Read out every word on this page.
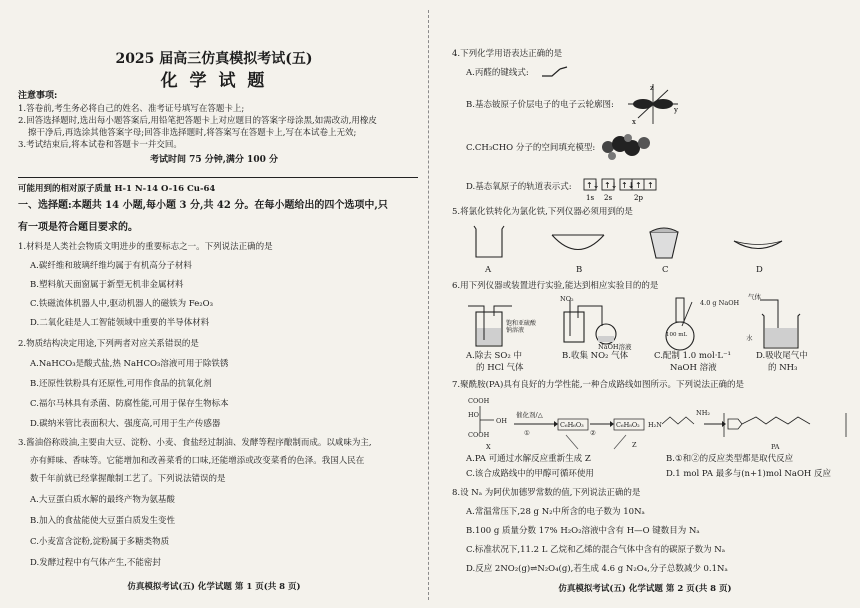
2025 届高三仿真模拟考试(五)
化 学 试 题
注意事项:
1.答卷前,考生务必将自己的姓名、准考证号填写在答题卡上;
2.回答选择题时,选出每小题答案后,用铅笔把答题卡上对应题目的答案字母涂黑,如需改动,用橡皮
擦干净后,再选涂其他答案字母;回答非选择题时,将答案写在答题卡上,写在本试卷上无效;
3.考试结束后,将本试卷和答题卡一并交回。
考试时间 75 分钟,满分 100 分
可能用到的相对原子质量 H-1 N-14 O-16 Cu-64
一、选择题:本题共 14 小题,每小题 3 分,共 42 分。在每小题给出的四个选项中,只
有一项是符合题目要求的。
1.材料是人类社会物质文明进步的重要标志之一。下列说法正确的是
A.碳纤维和玻璃纤维均属于有机高分子材料
B.塑料航天面窗属于新型无机非金属材料
C.铁磁流体机器人中,驱动机器人的磁铁为 Fe₂O₃
D.二氧化硅是人工智能领域中重要的半导体材料
2.物质结构决定用途,下列两者对应关系错误的是
A.NaHCO₃是酸式盐,热 NaHCO₃溶液可用于除铁锈
B.还原性铁粉具有还原性,可用作食品的抗氧化剂
C.福尔马林具有杀菌、防腐性能,可用于保存生物标本
D.碳纳米管比表面积大、强度高,可用于生产传感器
3.酱油俗称豉油,主要由大豆、淀粉、小麦、食盐经过制油、发酵等程序酿制而成。以咸味为主,
亦有鲜味、香味等。它能增加和改善菜肴的口味,还能增添或改变菜肴的色泽。我国人民在
数千年前就已经掌握酿制工艺了。下列说法错误的是
A.大豆蛋白质水解的最终产物为氨基酸
B.加入的食盐能使大豆蛋白质发生变性
C.小麦富含淀粉,淀粉属于多糖类物质
D.发酵过程中有气体产生,不能密封
仿真模拟考试(五) 化学试题 第 1 页(共 8 页)
4.下列化学用语表达正确的是
A.丙醛的键线式:
B.基态铍原子价层电子的电子云轮廓图:
z
y
x
C.CH₃CHO 分子的空间填充模型:
D.基态氧原子的轨道表示式: ↑↓ ↑↓ ↑↓ ↑ ↑
1s 2s	2p
5.将氯化铁转化为氯化铁,下列仪器必须用到的是
A	B	C	D
6.用下列仪器或装置进行实验,能达到相应实验目的的是
饱和亚硫酸钠溶液
NO₂
NaOH溶液
4.0 g NaOH
100 mL
气体
水
A.除去 SO₂ 中
的 HCl 气体
B.收集 NO₂ 气体	C.配制 1.0 mol·L⁻¹
NaOH 溶液
D.吸收尾气中
的 NH₃
7.聚酰胺(PA)具有良好的力学性能,一种合成路线如图所示。下列说法正确的是
COOH
HO
OH
COOH
X
催化剂/△
①
C₆H₆O₃
②
C₆H₈O₂
Z	PA
H₂N
NH₂
A.PA 可通过水解反应重新生成 Z	B.①和②的反应类型都是取代反应
C.该合成路线中的甲醇可循环使用	D.1 mol PA 最多与(n+1)mol NaOH 反应
8.设 Nₐ 为阿伏加德罗常数的值,下列说法正确的是
A.常温常压下,28 g N₂中所含的电子数为 10Nₐ
B.100 g 质量分数 17% H₂O₂溶液中含有 H—O 键数目为 Nₐ
C.标准状况下,11.2 L 乙烷和乙烯的混合气体中含有的碳原子数为 Nₐ
D.反应 2NO₂(g)⇌N₂O₄(g),若生成 4.6 g N₂O₄,分子总数减少 0.1Nₐ
仿真模拟考试(五) 化学试题 第 2 页(共 8 页)
